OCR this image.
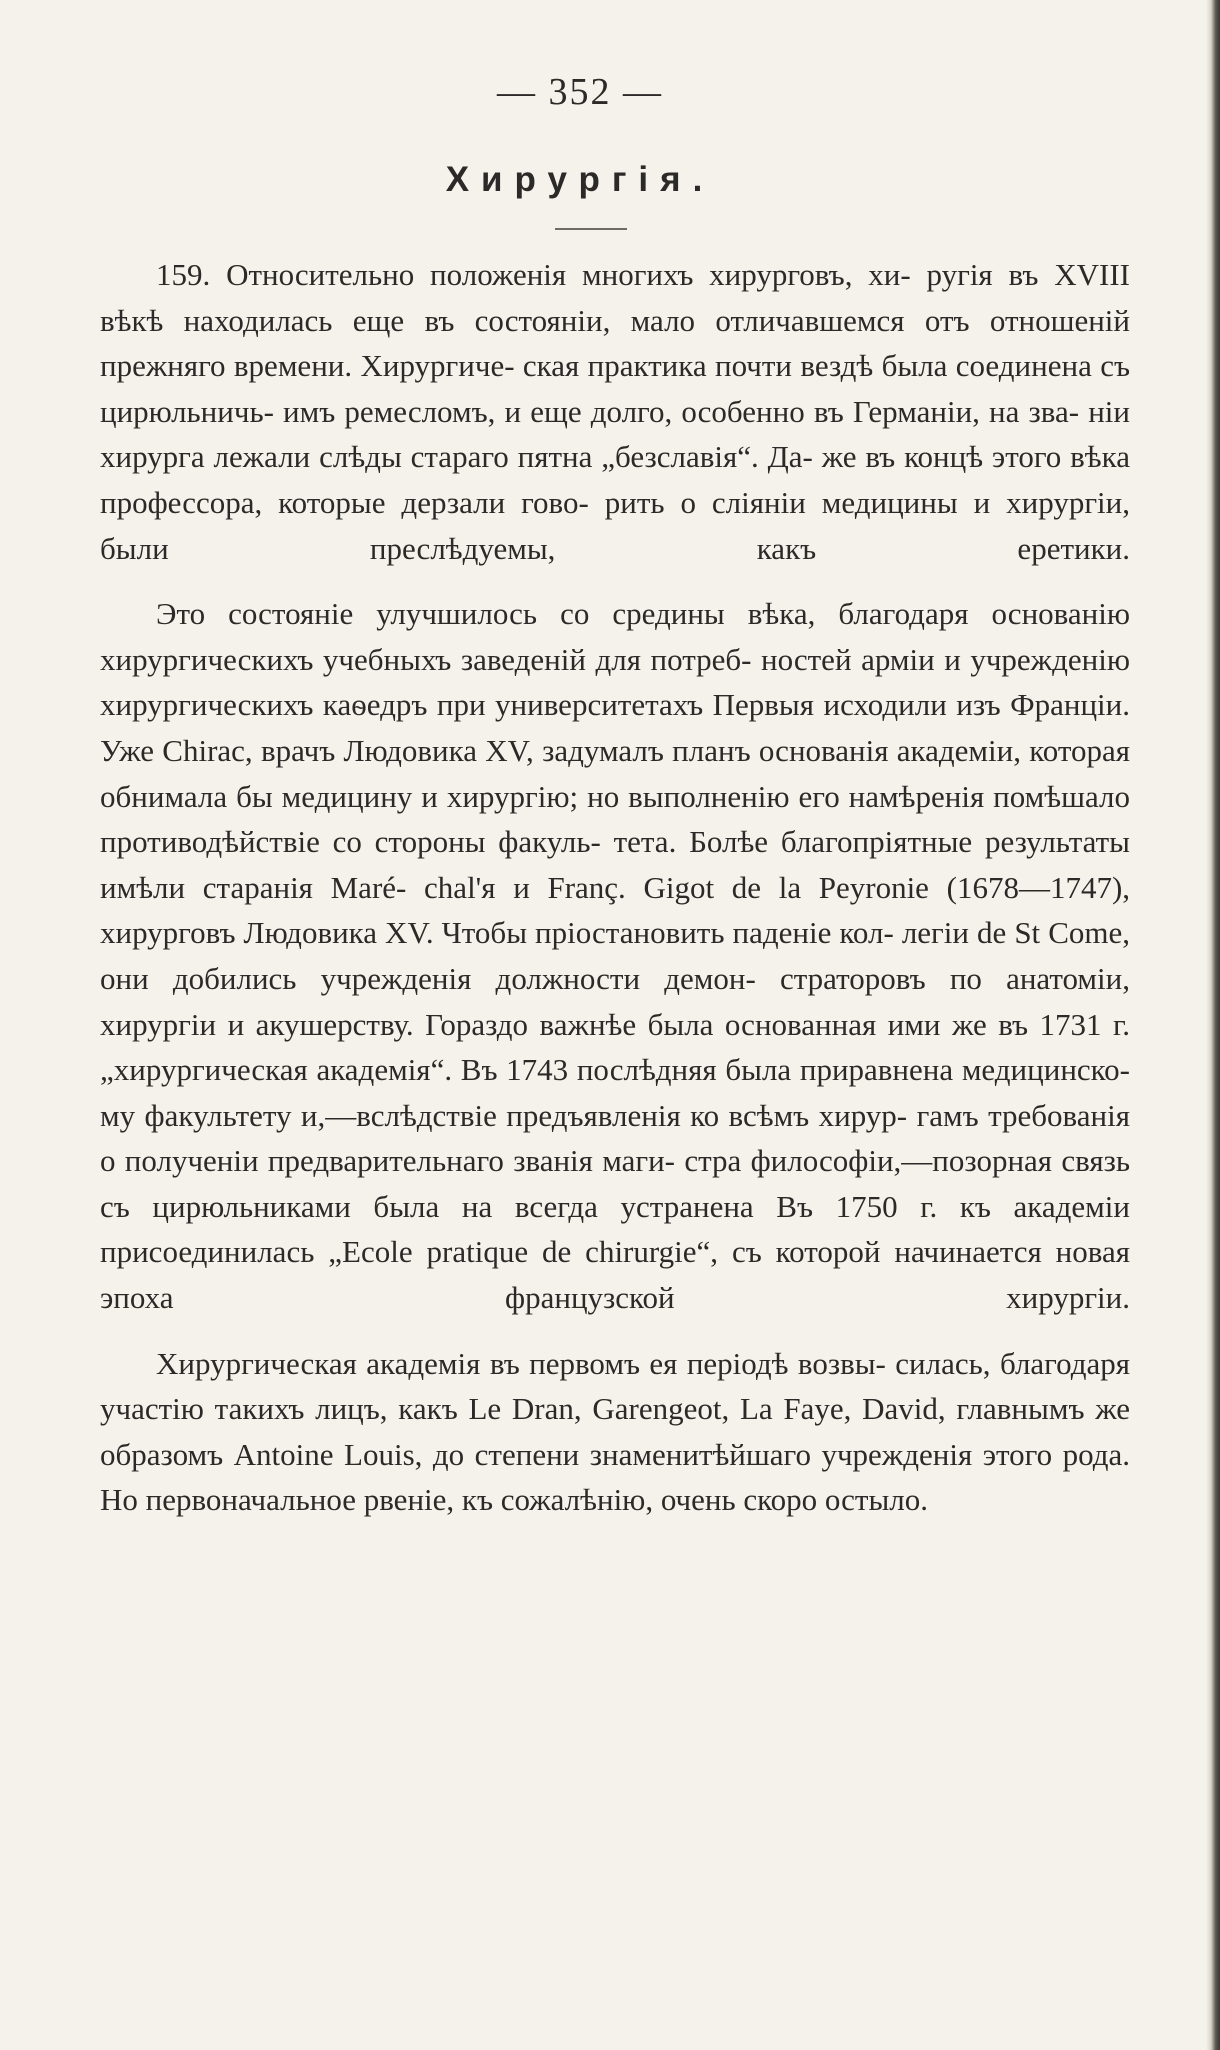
— 352 —
Хирургія.
159. Относительно положенія многихъ хирурговъ, хи- ругія въ XVIII вѣкѣ находилась еще въ состояніи, мало отличавшемся отъ отношеній прежняго времени. Хирургиче- ская практика почти вездѣ была соединена съ цирюльничь- имъ ремесломъ, и еще долго, особенно въ Германіи, на зва- ніи хирурга лежали слѣды стараго пятна „безславія“. Да- же въ концѣ этого вѣка профессора, которые дерзали гово- рить о сліяніи медицины и хирургіи, были преслѣдуемы,	какъ еретики.
Это состояніе улучшилось со средины вѣка, благодаря основанію хирургическихъ учебныхъ заведеній для потреб- ностей арміи и учрежденію хирургическихъ каѳедръ при университетахъ Первыя исходили изъ Франціи. Уже Chirac, врачъ Людовика XV, задумалъ планъ основанія академіи, которая обнимала бы медицину и хирургію; но выполненію его намѣренія помѣшало противодѣйствіе со стороны факуль- тета. Болѣе благопріятные результаты имѣли старанія Maré- chal'я и Franç. Gigot de la Peyronie (1678—1747), хирурговъ Людовика XV. Чтобы пріостановить паденіе кол- легіи de St Come, они добились учрежденія должности демон- страторовъ по анатоміи, хирургіи и акушерству. Гораздо важнѣе была основанная ими же въ 1731 г. „хирургическая академія“. Въ 1743 послѣдняя была приравнена медицинско- му факультету и,—вслѣдствіе предъявленія ко всѣмъ хирур- гамъ требованія о полученіи предварительнаго званія маги- стра философіи,—позорная связь съ цирюльниками была на всегда устранена Въ 1750 г. къ академіи присоединилась „Ecole pratique de chirurgie“, съ которой начинается новая эпоха французской хирургіи.
Хирургическая академія въ первомъ ея періодѣ возвы- силась, благодаря участію такихъ лицъ, какъ Le Dran, Garengeot, La Faye, David, главнымъ же образомъ Antoine Louis, до степени знаменитѣйшаго учрежденія этого рода. Но первоначальное рвеніе, къ сожалѣнію, очень скоро остыло.
